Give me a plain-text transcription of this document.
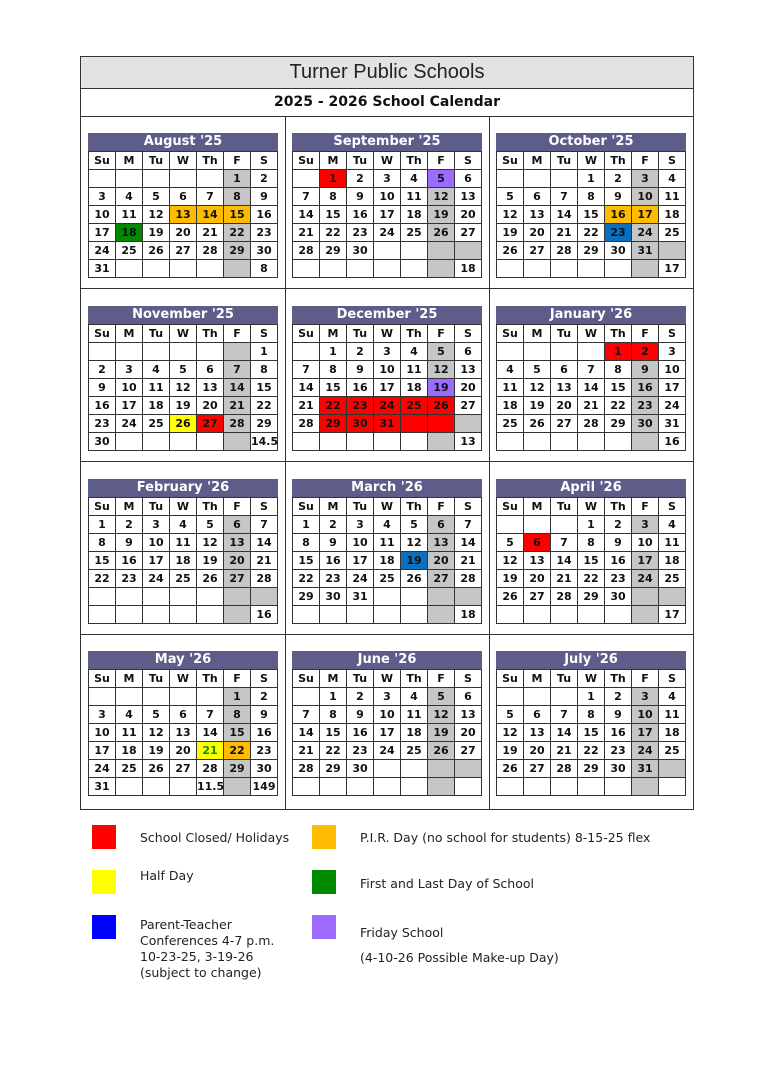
Turner Public Schools
2025 - 2026 School Calendar
August '25
Su	M	Tu	W	Th	F	S
					1	2
3	4	5	6	7	8	9
10	11	12	13	14	15	16
17	18	19	20	21	22	23
24	25	26	27	28	29	30
31						8
September '25
Su	M	Tu	W	Th	F	S
	1	2	3	4	5	6
7	8	9	10	11	12	13
14	15	16	17	18	19	20
21	22	23	24	25	26	27
28	29	30				
						18
October '25
Su	M	Tu	W	Th	F	S
			1	2	3	4
5	6	7	8	9	10	11
12	13	14	15	16	17	18
19	20	21	22	23	24	25
26	27	28	29	30	31	
						17
November '25
Su	M	Tu	W	Th	F	S
						1
2	3	4	5	6	7	8
9	10	11	12	13	14	15
16	17	18	19	20	21	22
23	24	25	26	27	28	29
30						14.5
December '25
Su	M	Tu	W	Th	F	S
	1	2	3	4	5	6
7	8	9	10	11	12	13
14	15	16	17	18	19	20
21	22	23	24	25	26	27
28	29	30	31			
						13
January '26
Su	M	Tu	W	Th	F	S
				1	2	3
4	5	6	7	8	9	10
11	12	13	14	15	16	17
18	19	20	21	22	23	24
25	26	27	28	29	30	31
						16
February '26
Su	M	Tu	W	Th	F	S
1	2	3	4	5	6	7
8	9	10	11	12	13	14
15	16	17	18	19	20	21
22	23	24	25	26	27	28

						16
March '26
Su	M	Tu	W	Th	F	S
1	2	3	4	5	6	7
8	9	10	11	12	13	14
15	16	17	18	19	20	21
22	23	24	25	26	27	28
29	30	31				
						18
April '26
Su	M	Tu	W	Th	F	S
			1	2	3	4
5	6	7	8	9	10	11
12	13	14	15	16	17	18
19	20	21	22	23	24	25
26	27	28	29	30		
						17
May '26
Su	M	Tu	W	Th	F	S
					1	2
3	4	5	6	7	8	9
10	11	12	13	14	15	16
17	18	19	20	21	22	23
24	25	26	27	28	29	30
31				11.5		149
June '26
Su	M	Tu	W	Th	F	S
	1	2	3	4	5	6
7	8	9	10	11	12	13
14	15	16	17	18	19	20
21	22	23	24	25	26	27
28	29	30				

July '26
Su	M	Tu	W	Th	F	S
			1	2	3	4
5	6	7	8	9	10	11
12	13	14	15	16	17	18
19	20	21	22	23	24	25
26	27	28	29	30	31	

School Closed/ Holidays	P.I.R. Day (no school for students) 8-15-25 flex
Half Day
First and Last Day of School
Parent-Teacher
Conferences 4-7 p.m.
10-23-25, 3-19-26
(subject to change)
Friday School
(4-10-26 Possible Make-up Day)
